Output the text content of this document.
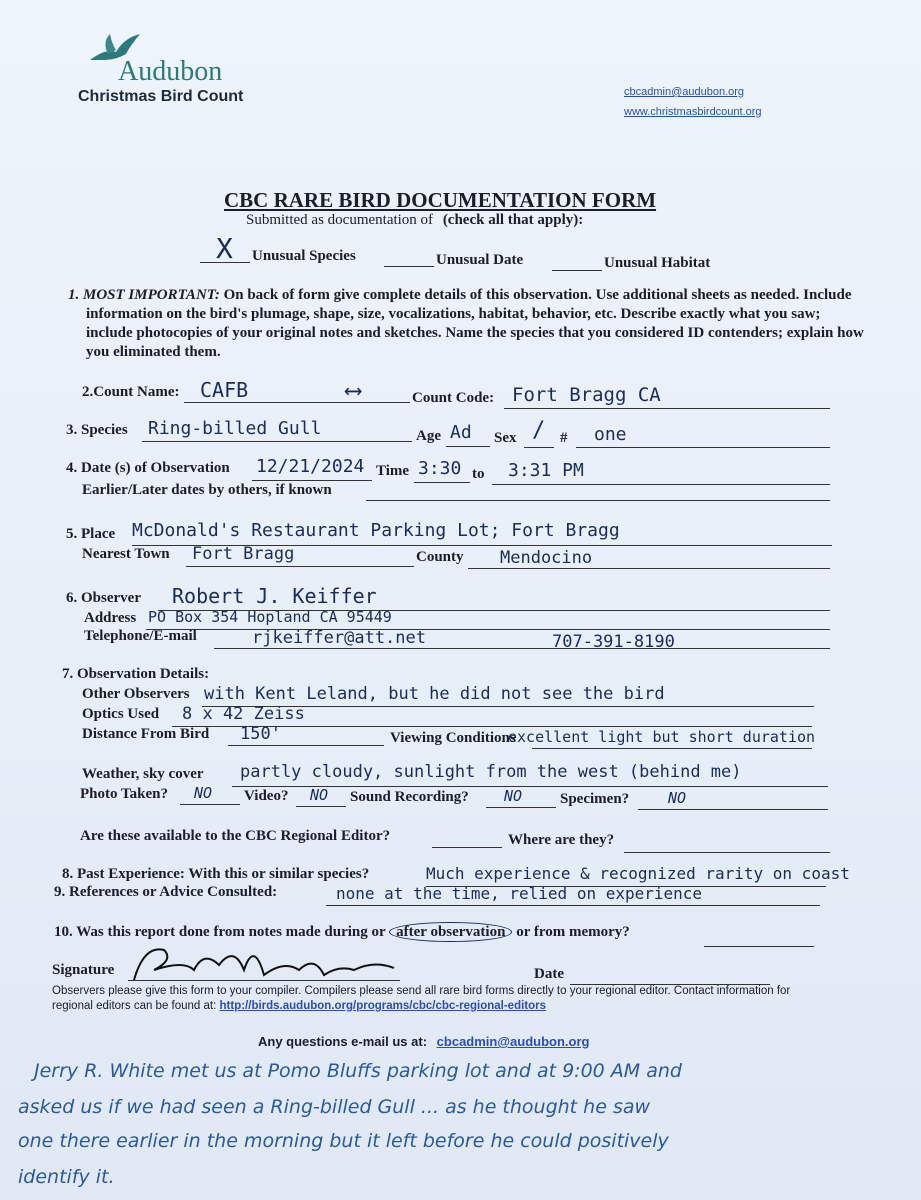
Audubon
Christmas Bird Count	cbcadmin@audubon.org
www.christmasbirdcount.org
CBC RARE BIRD DOCUMENTATION FORM
Submitted as documentation of (check all that apply):
X Unusual Species	Unusual Date	Unusual Habitat
1. MOST IMPORTANT: On back of form give complete details of this observation. Use additional sheets as needed. Include information on the bird's plumage, shape, size, vocalizations, habitat, behavior, etc. Describe exactly what you saw; include photocopies of your original notes and sketches. Name the species that you considered ID contenders; explain how you eliminated them.
2.Count Name: CAFB	⟷	Count Code: Fort Bragg CA
3. Species Ring-billed Gull	Age Ad Sex / # one
4. Date (s) of Observation 12/21/2024 Time 3:30 to 3:31 PM
Earlier/Later dates by others, if known
5. Place McDonald's Restaurant Parking Lot; Fort Bragg
Nearest Town Fort Bragg	County Mendocino
6. Observer Robert J. Keiffer
Address PO Box 354 Hopland CA 95449
Telephone/E-mail	rjkeiffer@att.net	707-391-8190
7. Observation Details:
Other Observers with Kent Leland, but he did not see the bird
Optics Used 8 x 42 Zeiss
Distance From Bird 150'	Viewing Conditions
excellent light but short duration
Weather, sky cover partly cloudy, sunlight from the west (behind me)
Photo Taken? NO Video? NO Sound Recording? NO	Specimen?	NO
Are these available to the CBC Regional Editor?	Where are they?
8. Past Experience: With this or similar species?	Much experience & recognized rarity on coast
9. References or Advice Consulted:	none at the time, relied on experience
10. Was this report done from notes made during or after observation or from memory?
Signature	Date
Observers please give this form to your compiler. Compilers please send all rare bird forms directly to your regional editor. Contact information for regional editors can be found at: http://birds.audubon.org/programs/cbc/cbc-regional-editors
Any questions e-mail us at: cbcadmin@audubon.org
Jerry R. White met us at Pomo Bluffs parking lot and at 9:00 AM and
asked us if we had seen a Ring-billed Gull ... as he thought he saw
one there earlier in the morning but it left before he could positively
identify it.
